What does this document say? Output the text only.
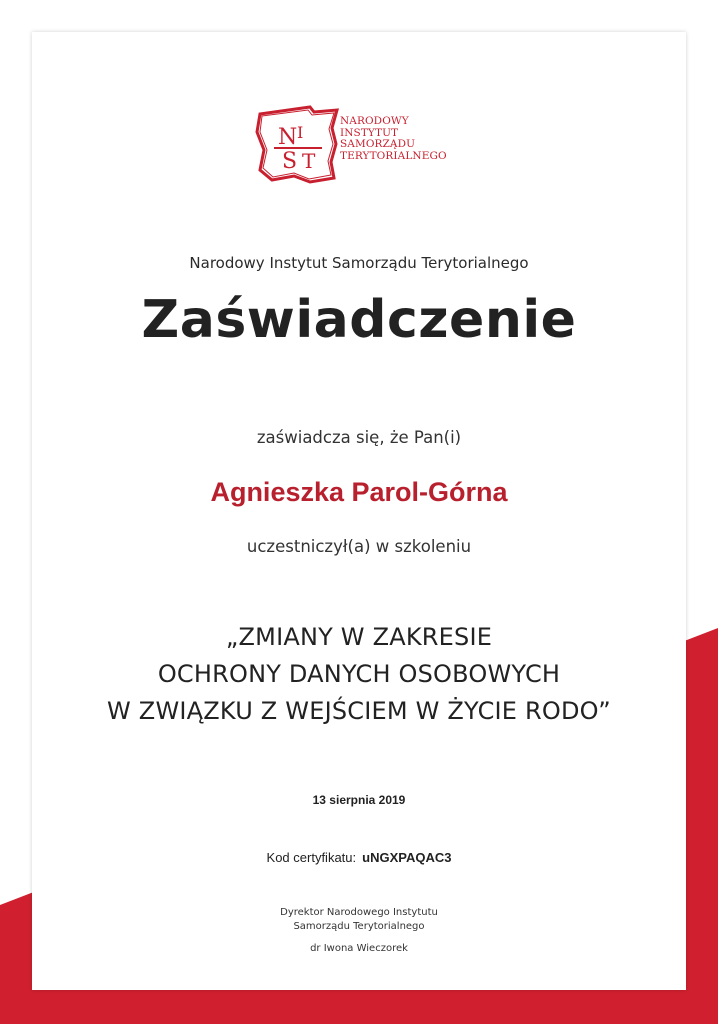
N I
S T
NARODOWY
INSTYTUT
SAMORZĄDU
TERYTORIALNEGO
Narodowy Instytut Samorządu Terytorialnego
Zaświadczenie
zaświadcza się, że Pan(i)
Agnieszka Parol-Górna
uczestniczył(a) w szkoleniu
„ZMIANY W ZAKRESIE
OCHRONY DANYCH OSOBOWYCH
W ZWIĄZKU Z WEJŚCIEM W ŻYCIE RODO”
13 sierpnia 2019
Kod certyfikatu: uNGXPAQAC3
Dyrektor Narodowego Instytutu
Samorządu Terytorialnego
dr Iwona Wieczorek
